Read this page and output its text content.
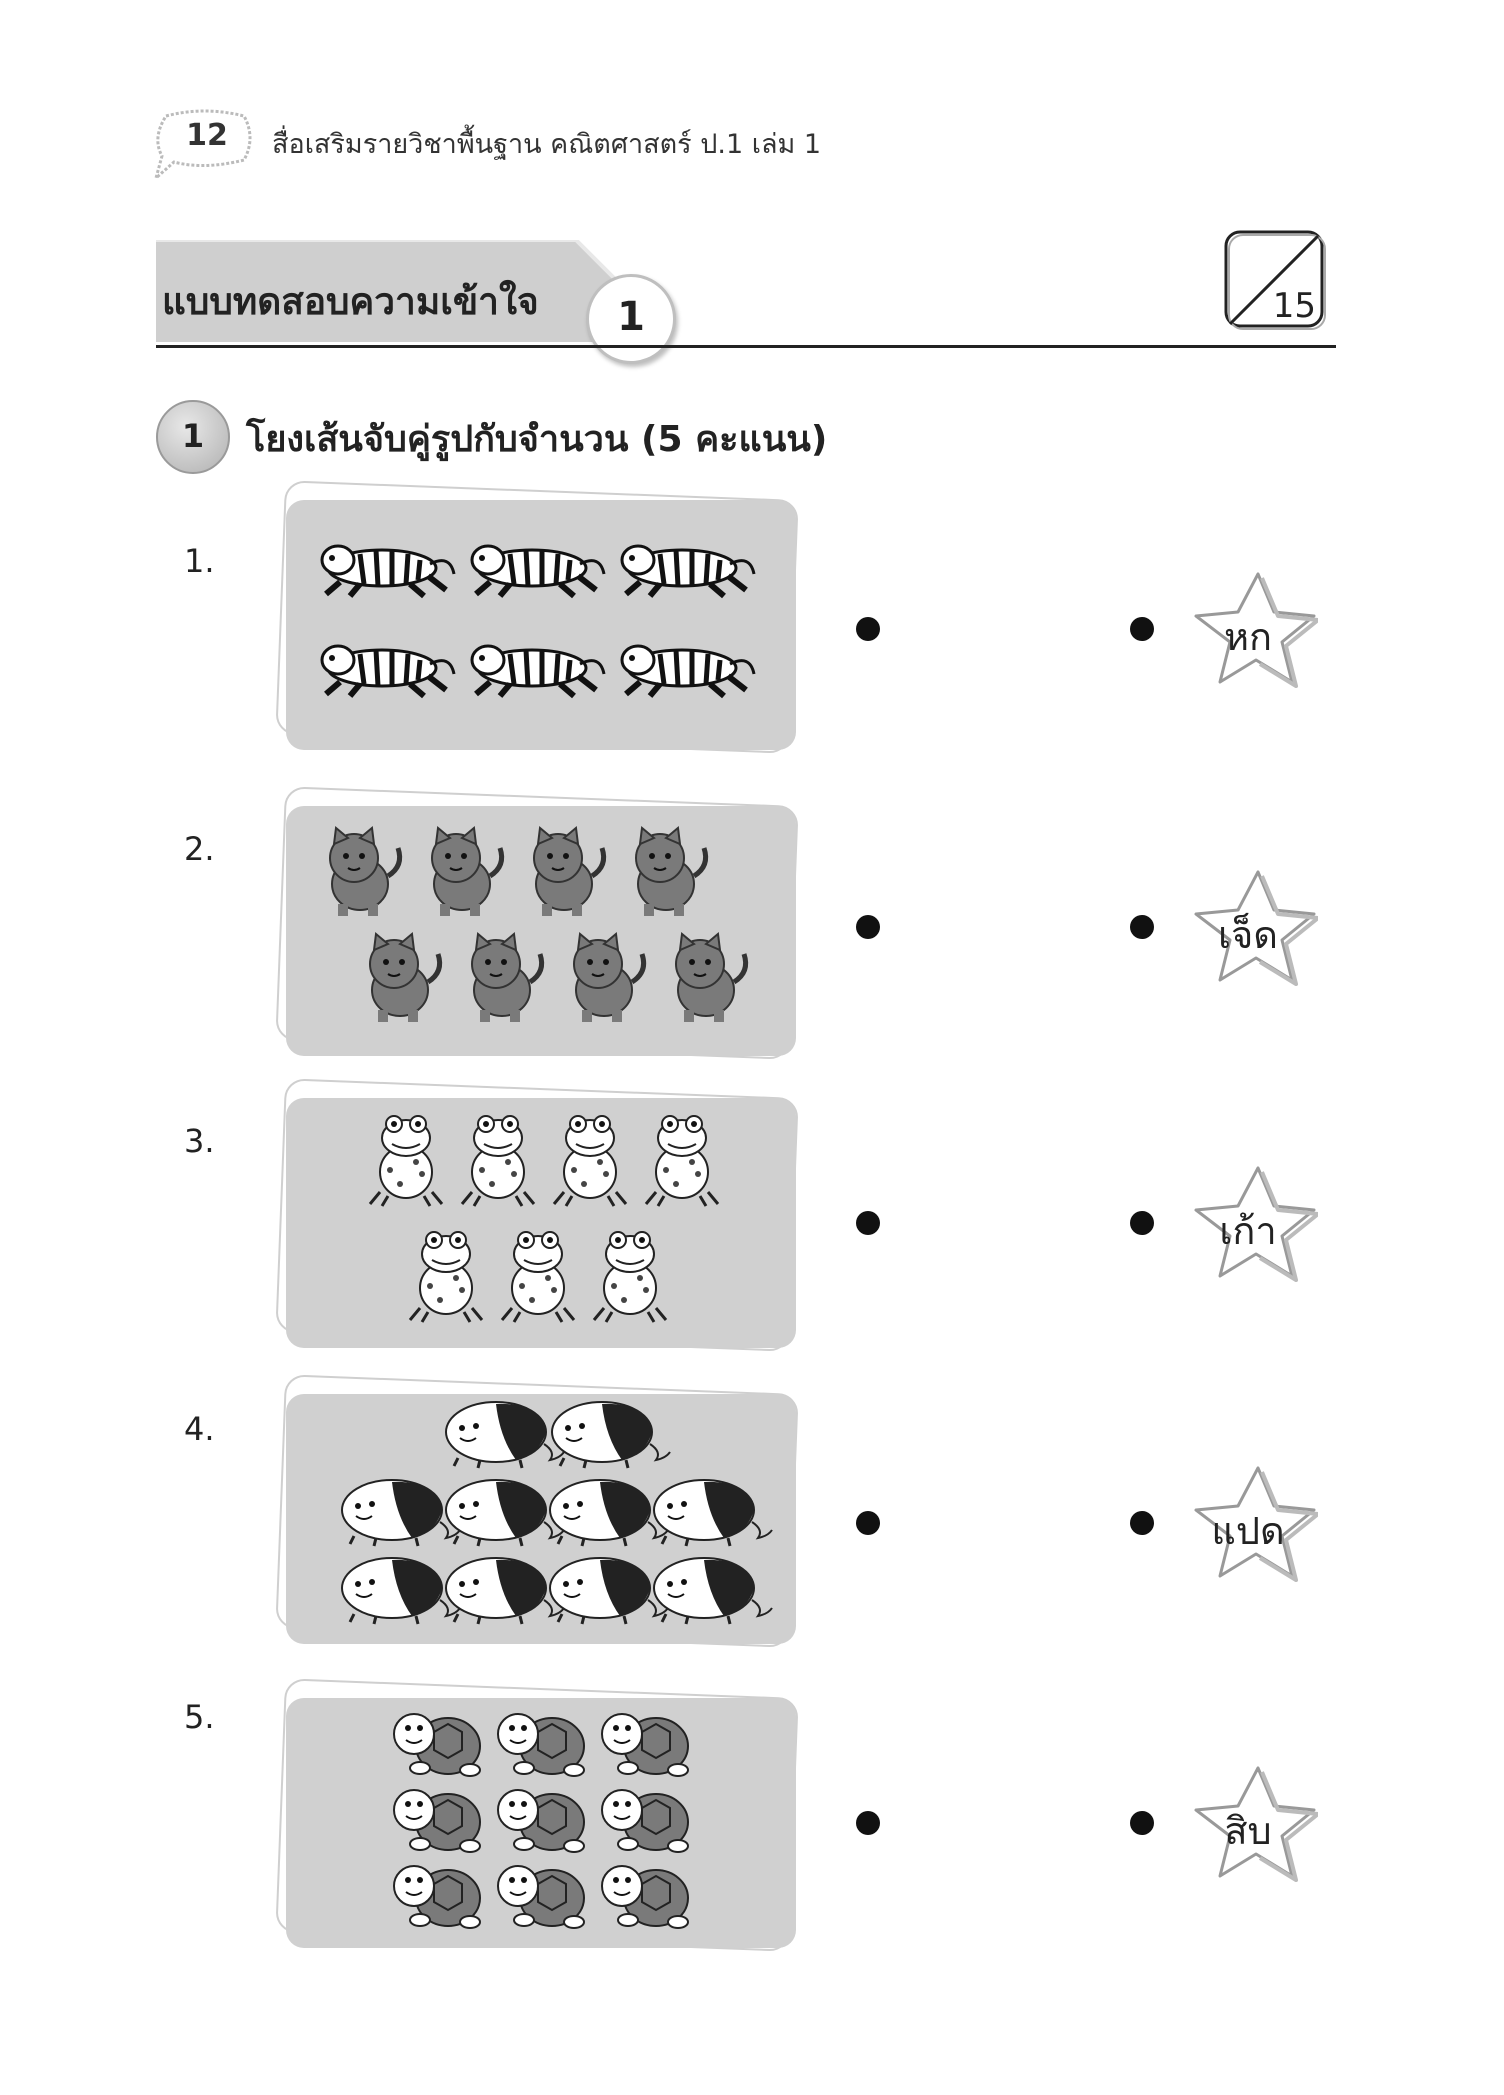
12 สื่อเสริมรายวิชาพื้นฐาน คณิตศาสตร์ ป.1 เล่ม 1
แบบทดสอบความเข้าใจ	1	15
1	โยงเส้นจับคู่รูปกับจำนวน (5 คะแนน)
1.
หก
2.
เจ็ด
3.
เก้า
4.
แปด
5.
สิบ
